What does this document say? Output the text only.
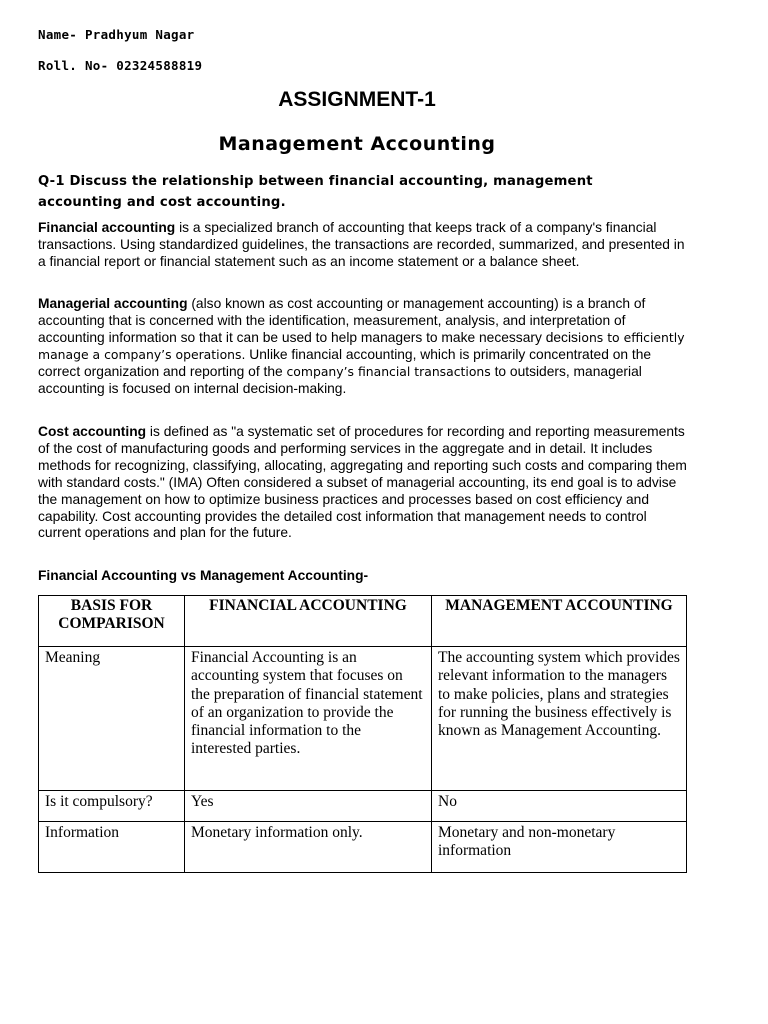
Name- Pradhyum Nagar
Roll. No- 02324588819
ASSIGNMENT-1
Management Accounting
Q-1 Discuss the relationship between financial accounting, management accounting and cost accounting.
Financial accounting is a specialized branch of accounting that keeps track of a company's financial transactions. Using standardized guidelines, the transactions are recorded, summarized, and presented in a financial report or financial statement such as an income statement or a balance sheet.
Managerial accounting (also known as cost accounting or management accounting) is a branch of accounting that is concerned with the identification, measurement, analysis, and interpretation of accounting information so that it can be used to help managers to make necessary decisions to efficiently manage a company’s operations. Unlike financial accounting, which is primarily concentrated on the correct organization and reporting of the company’s financial transactions to outsiders, managerial accounting is focused on internal decision-making.
Cost accounting is defined as "a systematic set of procedures for recording and reporting measurements of the cost of manufacturing goods and performing services in the aggregate and in detail. It includes methods for recognizing, classifying, allocating, aggregating and reporting such costs and comparing them with standard costs." (IMA) Often considered a subset of managerial accounting, its end goal is to advise the management on how to optimize business practices and processes based on cost efficiency and capability. Cost accounting provides the detailed cost information that management needs to control current operations and plan for the future.
Financial Accounting vs Management Accounting-
BASIS FOR COMPARISON	FINANCIAL ACCOUNTING	MANAGEMENT ACCOUNTING
Meaning	Financial Accounting is an accounting system that focuses on the preparation of financial statement of an organization to provide the financial information to the interested parties.	The accounting system which provides relevant information to the managers to make policies, plans and strategies for running the business effectively is known as Management Accounting.
Is it compulsory?	Yes	No
Information	Monetary information only.	Monetary and non-monetary information
